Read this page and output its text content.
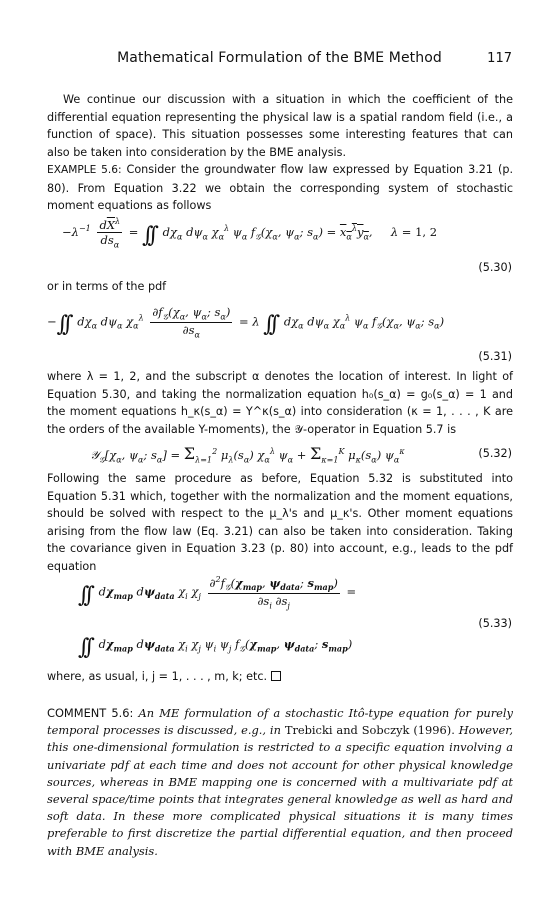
Mathematical Formulation of the BME Method	117

We continue our discussion with a situation in which the coefficient of the differential equation representing the physical law is a spatial random field (i.e., a function of space). This situation possesses some interesting features that can also be taken into consideration by the BME analysis.

EXAMPLE 5.6: Consider the groundwater flow law expressed by Equation 3.21 (p. 80). From Equation 3.22 we obtain the corresponding system of stochastic moment equations as follows

$-\lambda^{-1} \frac{d\overline{X}^\lambda}{ds_\alpha}$ = ∫∫ $d\chi_\alpha$ $d\psi_\alpha$ $\chi_\alpha^\lambda$ $\psi_\alpha$ $f_𝒢(\chi_\alpha$, $\psi_\alpha$; $s_\alpha) = x_\alpha^\lambda y_\alpha$,     λ = 1, 2
(5.30)

or in terms of the pdf

−∫∫ $d\chi_\alpha$ $d\psi_\alpha$ $\chi_\alpha^\lambda \frac{\partial f_𝒢(\chi_\alpha, \psi_\alpha; s_\alpha)}{\partial s_\alpha} = \lambda$ ∫∫ $d\chi_\alpha$ $d\psi_\alpha$ $\chi_\alpha^\lambda$ $\psi_\alpha$ $f_𝒢(\chi_\alpha$, $\psi_\alpha$; $s_\alpha$)
(5.31)

where λ = 1, 2, and the subscript α denotes the location of interest. In light of Equation 5.30, and taking the normalization equation h₀(s_α) = g₀(s_α) = 1 and the moment equations h_κ(s_α) = Y^κ(s_α) into consideration (κ = 1, . . . , K are the orders of the available Y-moments), the 𝒴-operator in Equation 5.7 is

$𝒴_𝒢[\chi_\alpha$, $\psi_\alpha$; $s_\alpha] = \Sigma_{\lambda=1}^2$ $\mu_\lambda(s_\alpha)$ $\chi_\alpha^\lambda$ $\psi_\alpha + \Sigma_{\kappa=1}^K$ $\mu_\kappa(s_\alpha)$ $\psi_\alpha^\kappa$	(5.32)

Following the same procedure as before, Equation 5.32 is substituted into Equation 5.31 which, together with the normalization and the moment equations, should be solved with respect to the μ_λ's and μ_κ's. Other moment equations arising from the flow law (Eq. 3.21) can also be taken into consideration. Taking the covariance given in Equation 3.23 (p. 80) into account, e.g., leads to the pdf equation

∫∫ $d\chi_{map}$ $d\psi_{data}$ $\chi_i$ $\chi_j \frac{\partial^2f_𝒢(\chi_{map}, \psi_{data}; s_{map})}{\partial s_i \partial s_j}$ =
∫∫ $d\chi_{map}$ $d\psi_{data}$ $\chi_i$ $\chi_j$ $\psi_i$ $\psi_j$ $f_𝒢(\chi_{map}$, $\psi_{data}$; $s_{map}$)
(5.33)

where, as usual, i, j = 1, . . . , m, k; etc.

COMMENT 5.6: An ME formulation of a stochastic Itô-type equation for purely temporal processes is discussed, e.g., in Trebicki and Sobczyk (1996). However, this one-dimensional formulation is restricted to a specific equation involving a univariate pdf at each time and does not account for other physical knowledge sources, whereas in BME mapping one is concerned with a multivariate pdf at several space/time points that integrates general knowledge as well as hard and soft data. In these more complicated physical situations it is many times preferable to first discretize the partial differential equation, and then proceed with BME analysis.
